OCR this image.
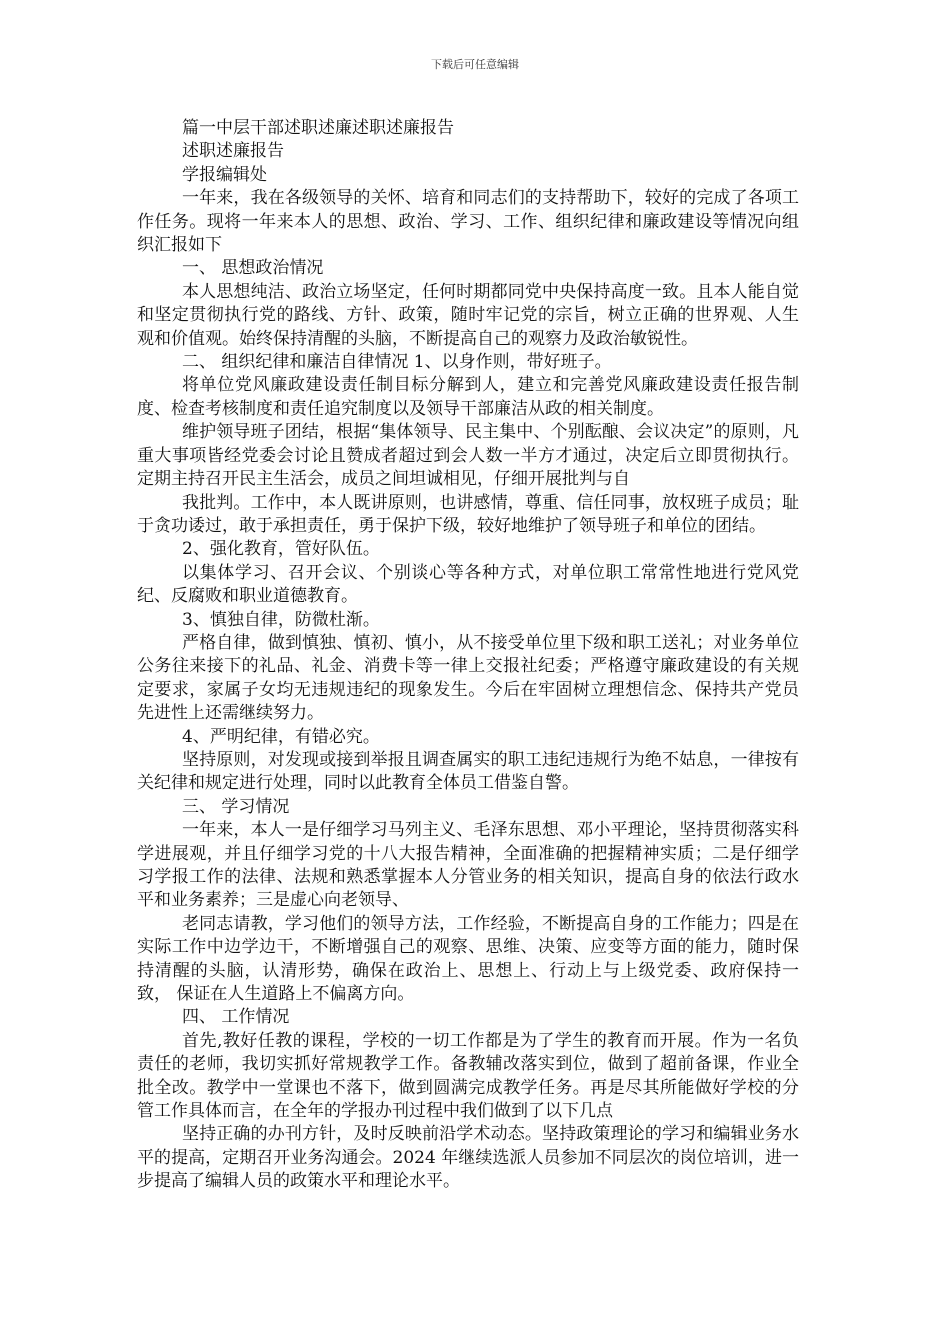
下载后可任意编辑
篇一中层干部述职述廉述职述廉报告
述职述廉报告
学报编辑处
一年来，我在各级领导的关怀、培育和同志们的支持帮助下，较好的完成了各项工作任务。现将一年来本人的思想、政治、学习、工作、组织纪律和廉政建设等情况向组织汇报如下
一、 思想政治情况
本人思想纯洁、政治立场坚定，任何时期都同党中央保持高度一致。且本人能自觉和坚定贯彻执行党的路线、方针、政策，随时牢记党的宗旨，树立正确的世界观、人生观和价值观。始终保持清醒的头脑，不断提高自己的观察力及政治敏锐性。
二、 组织纪律和廉洁自律情况 1、以身作则，带好班子。
将单位党风廉政建设责任制目标分解到人，建立和完善党风廉政建设责任报告制度、检查考核制度和责任追究制度以及领导干部廉洁从政的相关制度。
维护领导班子团结，根据“集体领导、民主集中、个别酝酿、会议决定”的原则，凡重大事项皆经党委会讨论且赞成者超过到会人数一半方才通过，决定后立即贯彻执行。定期主持召开民主生活会，成员之间坦诚相见，仔细开展批判与自
我批判。工作中，本人既讲原则，也讲感情，尊重、信任同事，放权班子成员；耻于贪功诿过，敢于承担责任，勇于保护下级，较好地维护了领导班子和单位的团结。
2、强化教育，管好队伍。
以集体学习、召开会议、个别谈心等各种方式，对单位职工常常性地进行党风党纪、反腐败和职业道德教育。
3、慎独自律，防微杜渐。
严格自律，做到慎独、慎初、慎小，从不接受单位里下级和职工送礼；对业务单位公务往来接下的礼品、礼金、消费卡等一律上交报社纪委；严格遵守廉政建设的有关规定要求，家属子女均无违规违纪的现象发生。今后在牢固树立理想信念、保持共产党员先进性上还需继续努力。
4、严明纪律，有错必究。
坚持原则，对发现或接到举报且调查属实的职工违纪违规行为绝不姑息，一律按有关纪律和规定进行处理，同时以此教育全体员工借鉴自警。
三、 学习情况
一年来，本人一是仔细学习马列主义、毛泽东思想、邓小平理论，坚持贯彻落实科学进展观，并且仔细学习党的十八大报告精神，全面准确的把握精神实质；二是仔细学习学报工作的法律、法规和熟悉掌握本人分管业务的相关知识，提高自身的依法行政水平和业务素养；三是虚心向老领导、
老同志请教，学习他们的领导方法，工作经验，不断提高自身的工作能力；四是在实际工作中边学边干，不断增强自己的观察、思维、决策、应变等方面的能力，随时保持清醒的头脑，认清形势，确保在政治上、思想上、行动上与上级党委、政府保持一致， 保证在人生道路上不偏离方向。
四、 工作情况
首先,教好任教的课程，学校的一切工作都是为了学生的教育而开展。作为一名负责任的老师，我切实抓好常规教学工作。备教辅改落实到位，做到了超前备课，作业全批全改。教学中一堂课也不落下，做到圆满完成教学任务。再是尽其所能做好学校的分管工作具体而言，在全年的学报办刊过程中我们做到了以下几点
坚持正确的办刊方针，及时反映前沿学术动态。坚持政策理论的学习和编辑业务水平的提高，定期召开业务沟通会。2024 年继续选派人员参加不同层次的岗位培训，进一步提高了编辑人员的政策水平和理论水平。
